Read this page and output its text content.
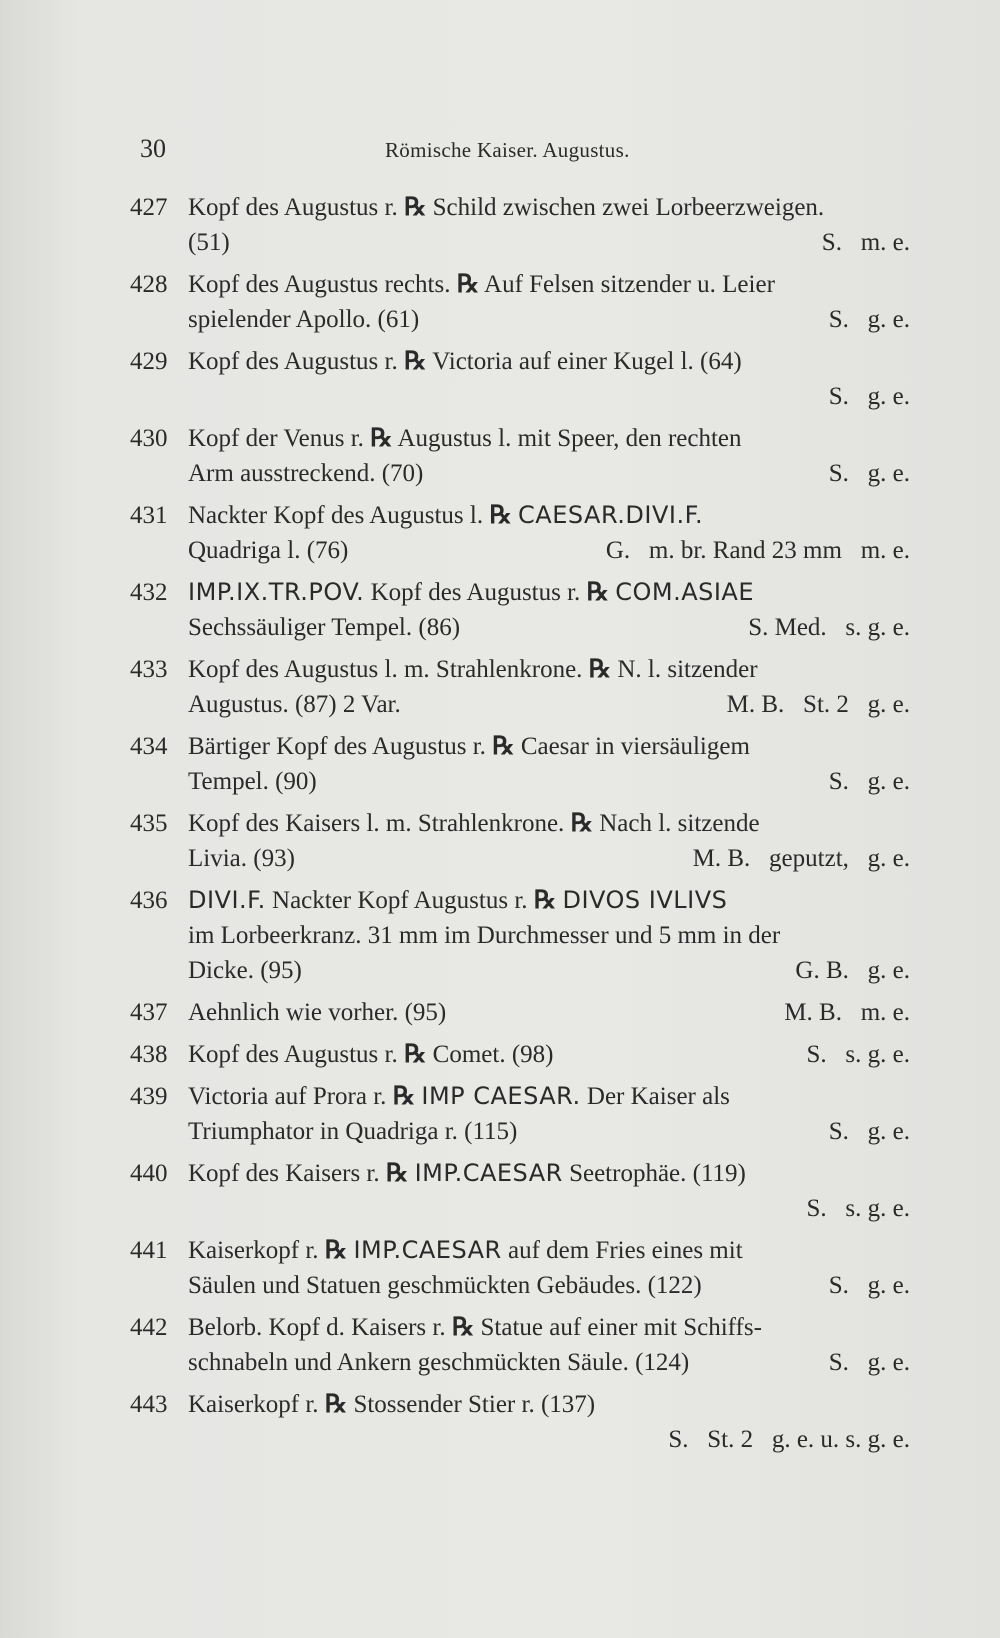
30	Römische Kaiser. Augustus.
427 Kopf des Augustus r. ℞ Schild zwischen zwei Lorbeerzweigen.
(51)	S.   m. e.
428 Kopf des Augustus rechts. ℞ Auf Felsen sitzender u. Leier
spielender Apollo. (61)	S.   g. e.
429 Kopf des Augustus r. ℞ Victoria auf einer Kugel l. (64)
S.   g. e.
430 Kopf der Venus r. ℞ Augustus l. mit Speer, den rechten
Arm ausstreckend. (70)	S.   g. e.
431 Nackter Kopf des Augustus l. ℞ CAESAR.DIVI.F.
Quadriga l. (76)	G.   m. br. Rand 23 mm   m. e.
432 IMP.IX.TR.POV. Kopf des Augustus r. ℞ COM.ASIAE
Sechssäuliger Tempel. (86)	S. Med.   s. g. e.
433 Kopf des Augustus l. m. Strahlenkrone. ℞ N. l. sitzender
Augustus. (87) 2 Var.	M. B.   St. 2   g. e.
434 Bärtiger Kopf des Augustus r. ℞ Caesar in viersäuligem
Tempel. (90)	S.   g. e.
435 Kopf des Kaisers l. m. Strahlenkrone. ℞ Nach l. sitzende
Livia. (93)	M. B.   geputzt,   g. e.
436 DIVI.F. Nackter Kopf Augustus r. ℞ DIVOS IVLIVS
im Lorbeerkranz. 31 mm im Durchmesser und 5 mm in der
Dicke. (95)	G. B.   g. e.
437 Aehnlich wie vorher. (95)	M. B.   m. e.
438 Kopf des Augustus r. ℞ Comet. (98)	S.   s. g. e.
439 Victoria auf Prora r. ℞ IMP CAESAR. Der Kaiser als
Triumphator in Quadriga r. (115)	S.   g. e.
440 Kopf des Kaisers r. ℞ IMP.CAESAR Seetrophäe. (119)
S.   s. g. e.
441 Kaiserkopf r. ℞ IMP.CAESAR auf dem Fries eines mit
Säulen und Statuen geschmückten Gebäudes. (122)	S.   g. e.
442 Belorb. Kopf d. Kaisers r. ℞ Statue auf einer mit Schiffs-
schnabeln und Ankern geschmückten Säule. (124)	S.   g. e.
443 Kaiserkopf r. ℞ Stossender Stier r. (137)
S.   St. 2   g. e. u. s. g. e.
